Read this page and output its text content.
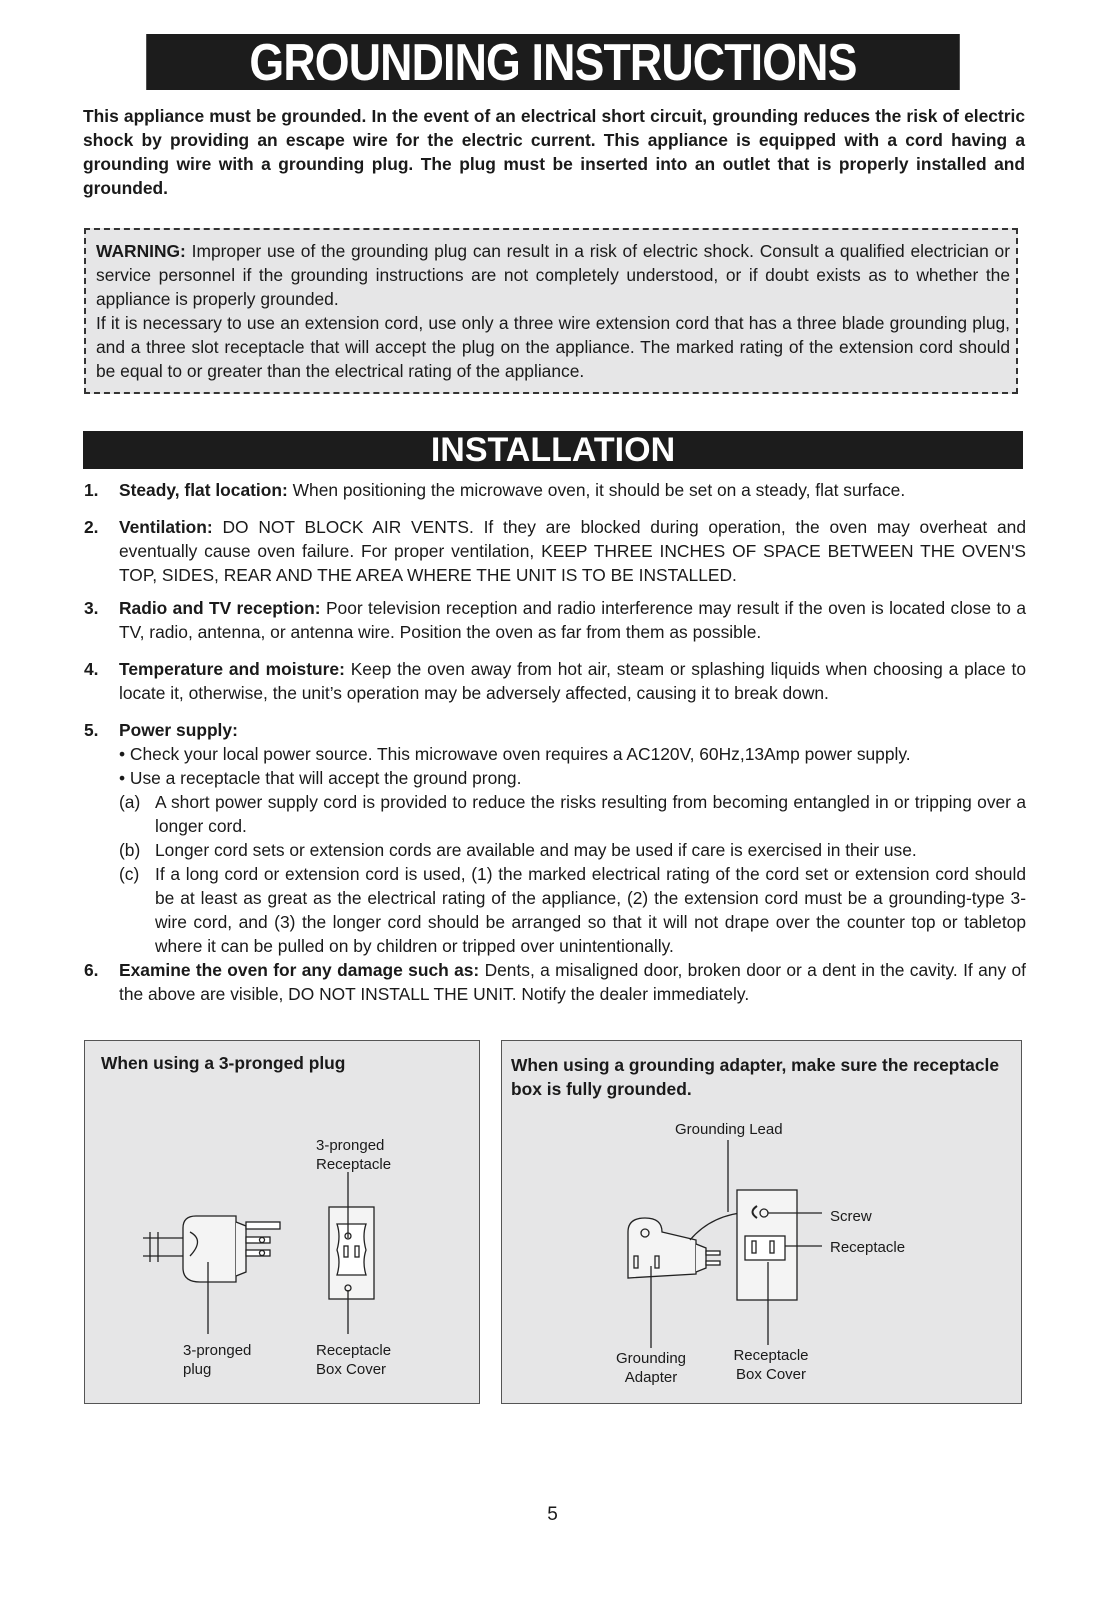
GROUNDING INSTRUCTIONS
This appliance must be grounded. In the event of an electrical short circuit, grounding reduces the risk of electric shock by providing an escape wire for the electric current. This appliance is equipped with a cord having a grounding wire with a grounding plug. The plug must be inserted into an outlet that is properly installed and grounded.

WARNING: Improper use of the grounding plug can result in a risk of electric shock. Consult a qualified electrician or service personnel if the grounding instructions are not completely understood, or if doubt exists as to whether the appliance is properly grounded.

If it is necessary to use an extension cord, use only a three wire extension cord that has a three blade grounding plug, and a three slot receptacle that will accept the plug on the appliance. The marked rating of the extension cord should be equal to or greater than the electrical rating of the appliance.

INSTALLATION
1. Steady, flat location: When positioning the microwave oven, it should be set on a steady, flat surface.
2. Ventilation: DO NOT BLOCK AIR VENTS. If they are blocked during operation, the oven may overheat and eventually cause oven failure. For proper ventilation, KEEP THREE INCHES OF SPACE BETWEEN THE OVEN'S TOP, SIDES, REAR AND THE AREA WHERE THE UNIT IS TO BE INSTALLED.
3. Radio and TV reception: Poor television reception and radio interference may result if the oven is located close to a TV, radio, antenna, or antenna wire. Position the oven as far from them as possible.
4. Temperature and moisture: Keep the oven away from hot air, steam or splashing liquids when choosing a place to locate it, otherwise, the unit’s operation may be adversely affected, causing it to break down.
5. Power supply:
• Check your local power source. This microwave oven requires a AC120V, 60Hz,13Amp power supply.
• Use a receptacle that will accept the ground prong.
(a) A short power supply cord is provided to reduce the risks resulting from becoming entangled in or tripping over a longer cord.
(b) Longer cord sets or extension cords are available and may be used if care is exercised in their use.
(c) If a long cord or extension cord is used, (1) the marked electrical rating of the cord set or extension cord should be at least as great as the electrical rating of the appliance, (2) the extension cord must be a grounding-type 3-wire cord, and (3) the longer cord should be arranged so that it will not drape over the counter top or tabletop where it can be pulled on by children or tripped over unintentionally.
6. Examine the oven for any damage such as: Dents, a misaligned door, broken door or a dent in the cavity. If any of the above are visible, DO NOT INSTALL THE UNIT. Notify the dealer immediately.
When using a 3-pronged plug
3-pronged
Receptacle
3-pronged
plug
Receptacle
Box Cover
When using a grounding adapter, make sure the receptacle box is fully grounded.
Grounding Lead
Screw
Receptacle
Grounding
Adapter
Receptacle
Box Cover
5
